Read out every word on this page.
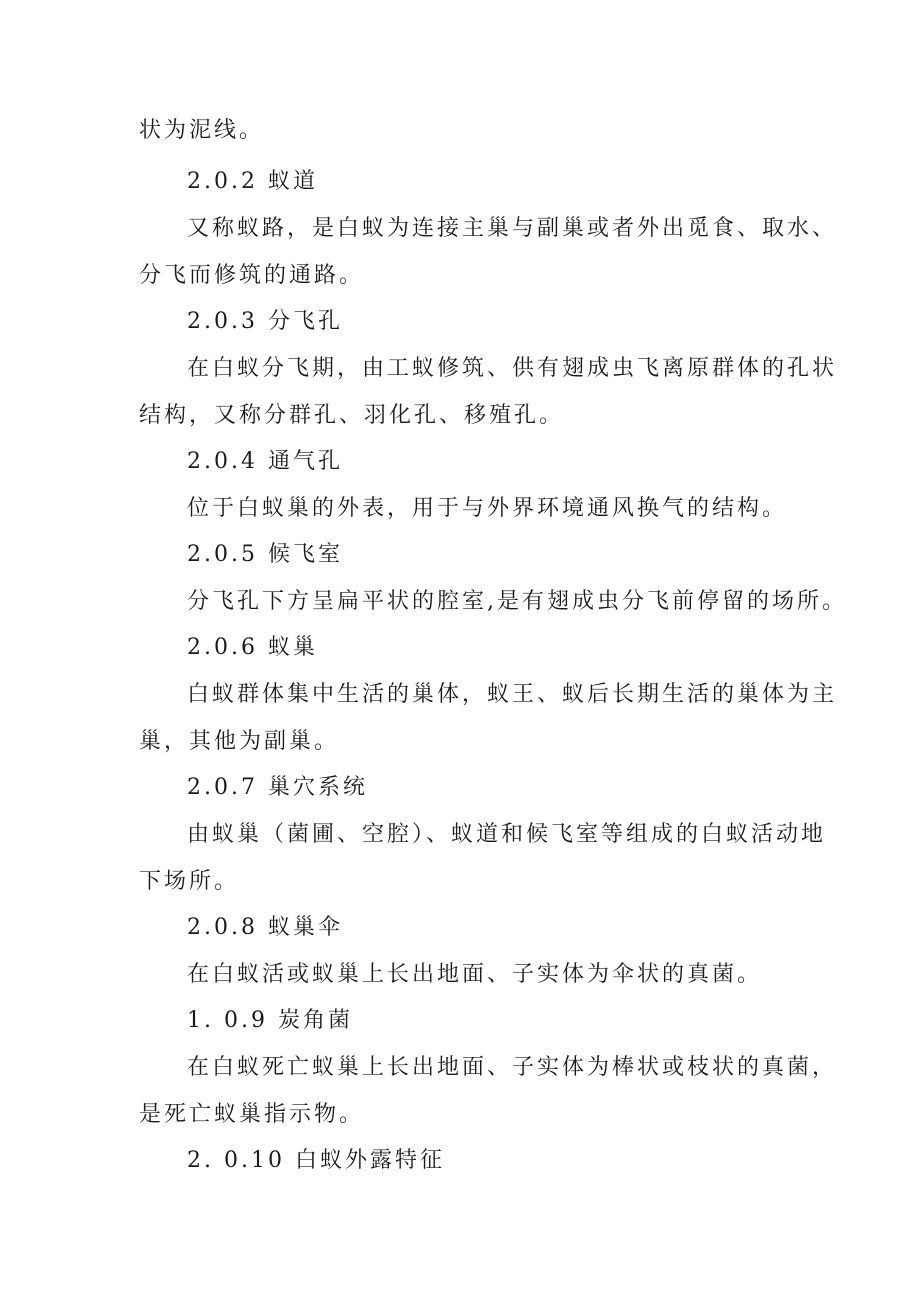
状为泥线。
2.0.2 蚁道
又称蚁路，是白蚁为连接主巢与副巢或者外出觅食、取水、
分飞而修筑的通路。
2.0.3 分飞孔
在白蚁分飞期，由工蚁修筑、供有翅成虫飞离原群体的孔状
结构，又称分群孔、羽化孔、移殖孔。
2.0.4 通气孔
位于白蚁巢的外表，用于与外界环境通风换气的结构。
2.0.5 候飞室
分飞孔下方呈扁平状的腔室,是有翅成虫分飞前停留的场所。
2.0.6 蚁巢
白蚁群体集中生活的巢体，蚁王、蚁后长期生活的巢体为主
巢，其他为副巢。
2.0.7 巢穴系统
由蚁巢（菌圃、空腔）、蚁道和候飞室等组成的白蚁活动地
下场所。
2.0.8 蚁巢伞
在白蚁活或蚁巢上长出地面、子实体为伞状的真菌。
1. 0.9 炭角菌
在白蚁死亡蚁巢上长出地面、子实体为棒状或枝状的真菌，
是死亡蚁巢指示物。
2. 0.10 白蚁外露特征
